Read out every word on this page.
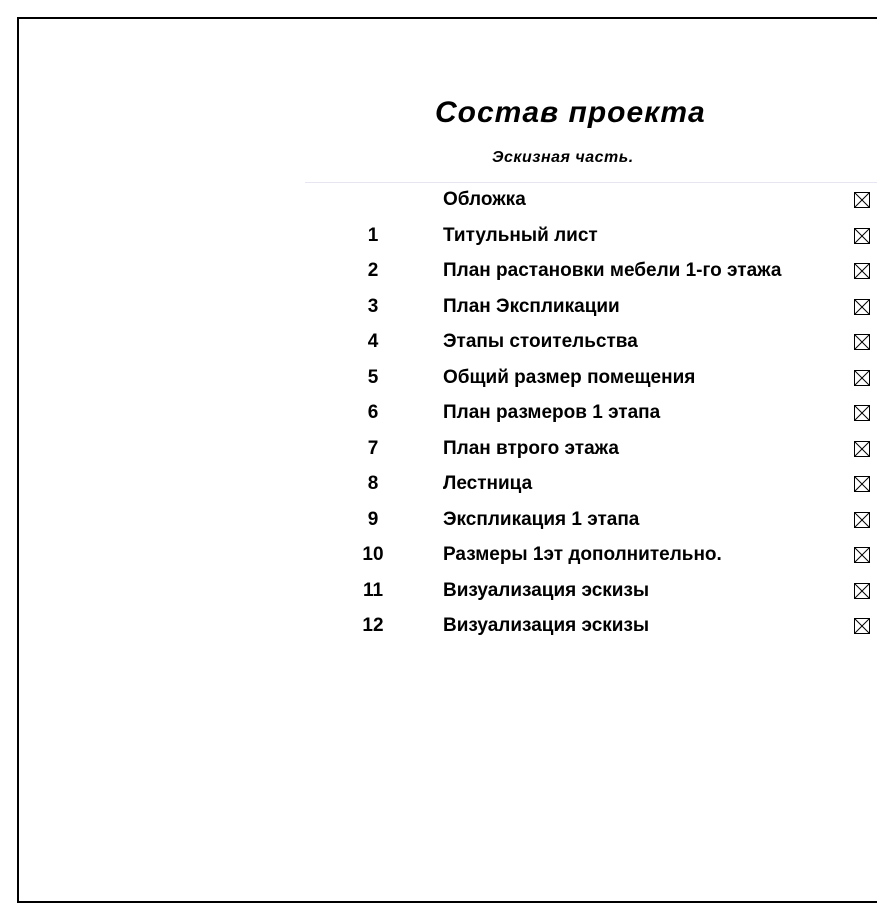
Состав проекта
Эскизная часть.
Обложка
1	Титульный лист
2	План растановки мебели 1-го этажа
3	План Экспликации
4	Этапы стоительства
5	Общий размер помещения
6	План размеров 1 этапа
7	План втрого этажа
8	Лестница
9	Экспликация 1 этапа
10	Размеры 1эт дополнительно.
11	Визуализация эскизы
12	Визуализация эскизы
